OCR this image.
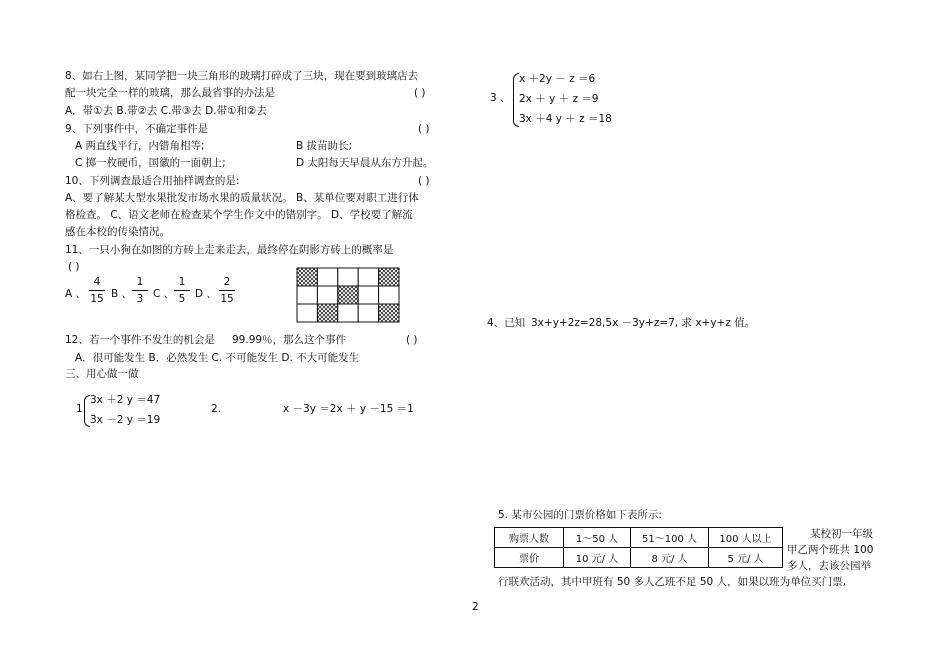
8、如右上图，某同学把一块三角形的玻璃打碎成了三块，现在要到玻璃店去
配一块完全一样的玻璃，那么最省事的办法是	( )
A．带①去 B.带②去 C.带③去 D.带①和②去
9、下列事件中，不确定事件是	( )
A 两直线平行，内错角相等;	B 拔苗助长;
C 掷一枚硬币，国徽的一面朝上;	D 太阳每天早晨从东方升起。
10、下列调查最适合用抽样调查的是:	( )
A、要了解某大型水果批发市场水果的质量状况。 B、某单位要对职工进行体
格检查。 C、语文老师在检查某个学生作文中的错别字。 D、学校要了解流
感在本校的传染情况。
11、一只小狗在如图的方砖上走来走去，最终停在阴影方砖上的概率是
( )
A 、
4
15 B 、
1
3 C 、
1
5 D 、
2
15
12、若一个事件不发生的机会是 99.99％，那么这个事件	( )
A．很可能发生 B．必然发生 C. 不可能发生 D. 不大可能发生
三、用心做一做
1
3x ＋2 y ＝47
3x －2 y ＝19
2.	x －3y ＝2x ＋ y －15 ＝1
3 、
x ＋2y － z ＝6
2x ＋ y ＋ z ＝9
3x ＋4 y ＋ z ＝18
4、已知 3x+y+2z=28,5x －3y+z=7, 求 x+y+z 值。
5. 某市公园的门票价格如下表所示:
购票人数	1～50 人	51～100 人	100 人以上
票价	10 元/ 人	8 元/ 人	5 元/ 人
某校初一年级
甲乙两个班共 100
多人，去该公园举
行联欢活动，其中甲班有 50 多人乙班不足 50 人，如果以班为单位买门票,
2
